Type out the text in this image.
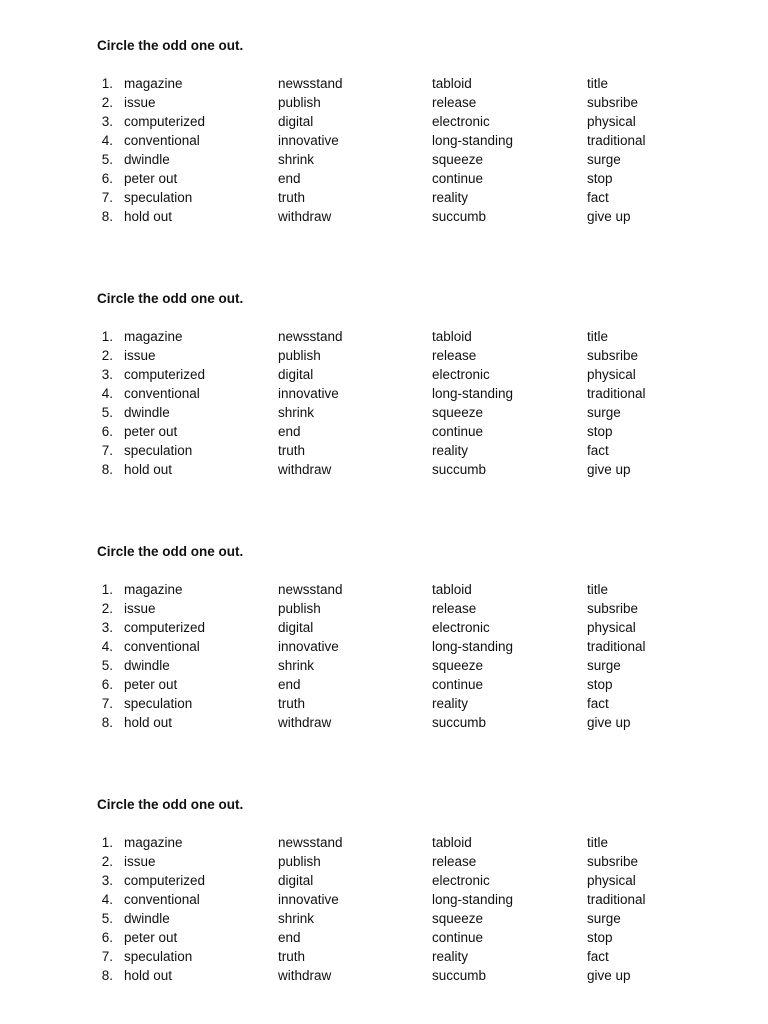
Circle the odd one out.
1. magazine	newsstand	tabloid	title
2. issue	publish	release	subsribe
3. computerized	digital	electronic	physical
4. conventional	innovative	long-standing	traditional
5. dwindle	shrink	squeeze	surge
6. peter out	end	continue	stop
7. speculation	truth	reality	fact
8. hold out	withdraw	succumb	give up
Circle the odd one out.
1. magazine	newsstand	tabloid	title
2. issue	publish	release	subsribe
3. computerized	digital	electronic	physical
4. conventional	innovative	long-standing	traditional
5. dwindle	shrink	squeeze	surge
6. peter out	end	continue	stop
7. speculation	truth	reality	fact
8. hold out	withdraw	succumb	give up
Circle the odd one out.
1. magazine	newsstand	tabloid	title
2. issue	publish	release	subsribe
3. computerized	digital	electronic	physical
4. conventional	innovative	long-standing	traditional
5. dwindle	shrink	squeeze	surge
6. peter out	end	continue	stop
7. speculation	truth	reality	fact
8. hold out	withdraw	succumb	give up
Circle the odd one out.
1. magazine	newsstand	tabloid	title
2. issue	publish	release	subsribe
3. computerized	digital	electronic	physical
4. conventional	innovative	long-standing	traditional
5. dwindle	shrink	squeeze	surge
6. peter out	end	continue	stop
7. speculation	truth	reality	fact
8. hold out	withdraw	succumb	give up
